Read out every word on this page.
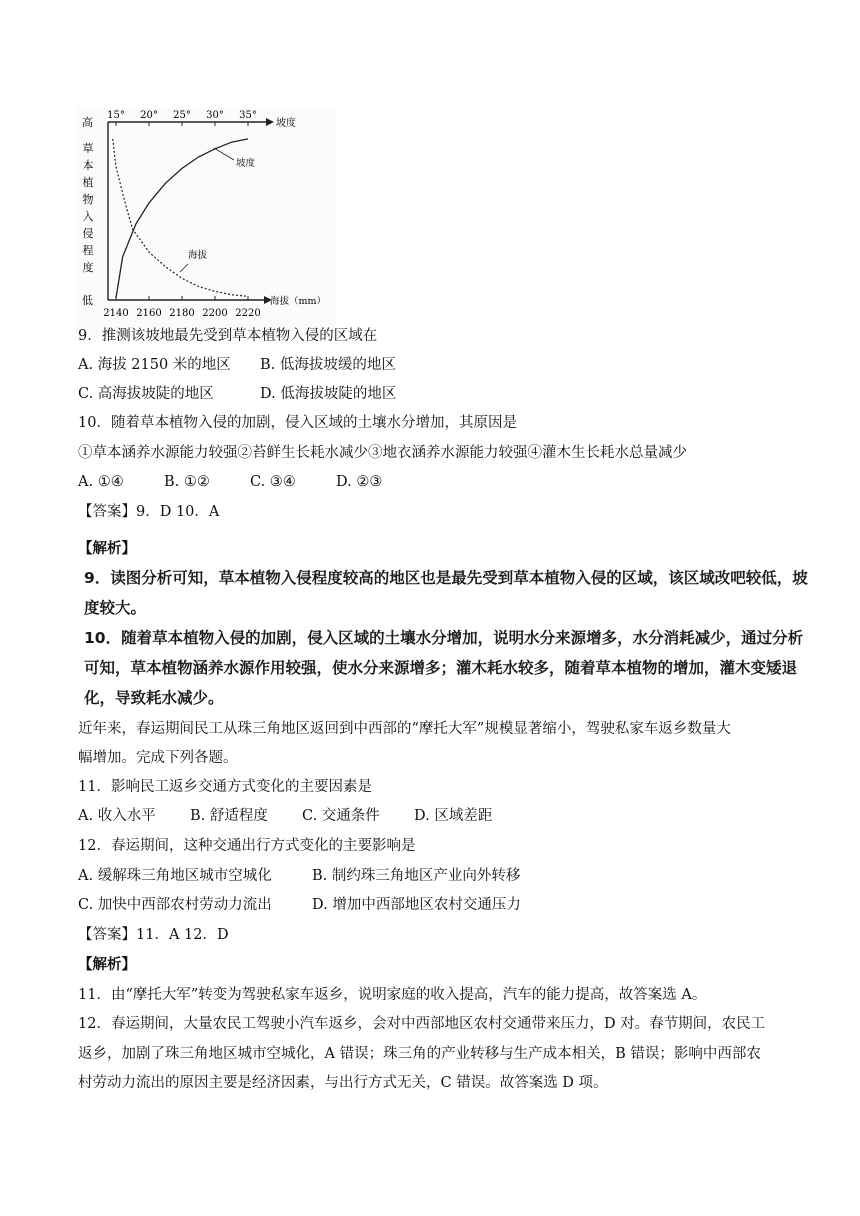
15° 20° 25° 30° 35°
2140 2160 2180 2200 2220
高
低
草
本
植
物
入
侵
程
度
坡度
海拔（mm）
坡度
海拔
9．推测该坡地最先受到草本植物入侵的区域在
A. 海拔 2150 米的地区 B. 低海拔坡缓的地区
C. 高海拔坡陡的地区	D. 低海拔坡陡的地区
10．随着草本植物入侵的加剧，侵入区域的土壤水分增加，其原因是
①草本涵养水源能力较强②苔鲜生长耗水减少③地衣涵养水源能力较强④灌木生长耗水总量减少
A. ①④	B. ①②	C. ③④	D. ②③
【答案】9．D 10．A
【解析】
9．读图分析可知，草本植物入侵程度较高的地区也是最先受到草本植物入侵的区域，该区域改吧较低，坡
度较大。
10．随着草本植物入侵的加剧，侵入区域的土壤水分增加，说明水分来源增多，水分消耗减少，通过分析
可知，草本植物涵养水源作用较强，使水分来源增多；灌木耗水较多，随着草本植物的增加，灌木变矮退
化，导致耗水减少。
近年来，春运期间民工从珠三角地区返回到中西部的“摩托大军”规模显著缩小，驾驶私家车返乡数量大
幅增加。完成下列各题。
11．影响民工返乡交通方式变化的主要因素是
A. 收入水平 B. 舒适程度 C. 交通条件 D. 区域差距
12．春运期间，这种交通出行方式变化的主要影响是
A. 缓解珠三角地区城市空城化	B. 制约珠三角地区产业向外转移
C. 加快中西部农村劳动力流出	D. 增加中西部地区农村交通压力
【答案】11．A 12．D
【解析】
11．由“摩托大军”转变为驾驶私家车返乡，说明家庭的收入提高，汽车的能力提高，故答案选 A。
12．春运期间，大量农民工驾驶小汽车返乡，会对中西部地区农村交通带来压力，D 对。春节期间，农民工
返乡，加剧了珠三角地区城市空城化，A 错误；珠三角的产业转移与生产成本相关，B 错误；影响中西部农
村劳动力流出的原因主要是经济因素，与出行方式无关，C 错误。故答案选 D 项。
